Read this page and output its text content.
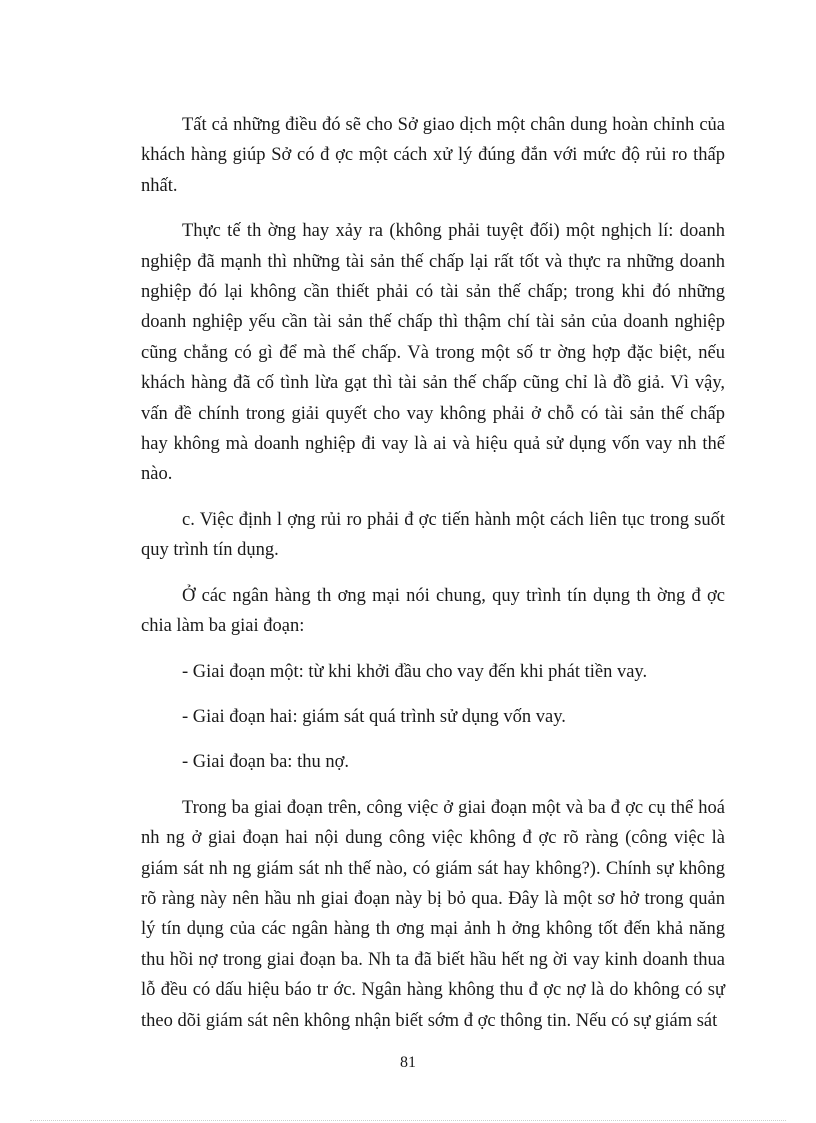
Tất cả những điều đó sẽ cho Sở giao dịch một chân dung hoàn chỉnh của khách hàng giúp Sở có đ ợc một cách xử lý đúng đắn với mức độ rủi ro thấp nhất.

Thực tế th ờng hay xảy ra (không phải tuyệt đối) một nghịch lí: doanh nghiệp đã mạnh thì những tài sản thế chấp lại rất tốt và thực ra những doanh nghiệp đó lại không cần thiết phải có tài sản thế chấp; trong khi đó những doanh nghiệp yếu cần tài sản thế chấp thì thậm chí tài sản của doanh nghiệp cũng chẳng có gì để mà thế chấp. Và trong một số tr ờng hợp đặc biệt, nếu khách hàng đã cố tình lừa gạt thì tài sản thế chấp cũng chỉ là đồ giả. Vì vậy, vấn đề chính trong giải quyết cho vay không phải ở chỗ có tài sản thế chấp hay không mà doanh nghiệp đi vay là ai và hiệu quả sử dụng vốn vay nh thế nào.

c. Việc định l ợng rủi ro phải đ ợc tiến hành một cách liên tục trong suốt quy trình tín dụng.

Ở các ngân hàng th ơng mại nói chung, quy trình tín dụng th ờng đ ợc chia làm ba giai đoạn:

- Giai đoạn một: từ khi khởi đầu cho vay đến khi phát tiền vay.

- Giai đoạn hai: giám sát quá trình sử dụng vốn vay.

- Giai đoạn ba: thu nợ.

Trong ba giai đoạn trên, công việc ở giai đoạn một và ba đ ợc cụ thể hoá nh ng ở giai đoạn hai nội dung công việc không đ ợc rõ ràng (công việc là giám sát nh ng giám sát nh thế nào, có giám sát hay không?). Chính sự không rõ ràng này nên hầu nh giai đoạn này bị bỏ qua. Đây là một sơ hở trong quản lý tín dụng của các ngân hàng th ơng mại ảnh h ởng không tốt đến khả năng thu hồi nợ trong giai đoạn ba. Nh ta đã biết hầu hết ng ời vay kinh doanh thua lỗ đều có dấu hiệu báo tr ớc. Ngân hàng không thu đ ợc nợ là do không có sự theo dõi giám sát nên không nhận biết sớm đ ợc thông tin. Nếu có sự giám sát

81
